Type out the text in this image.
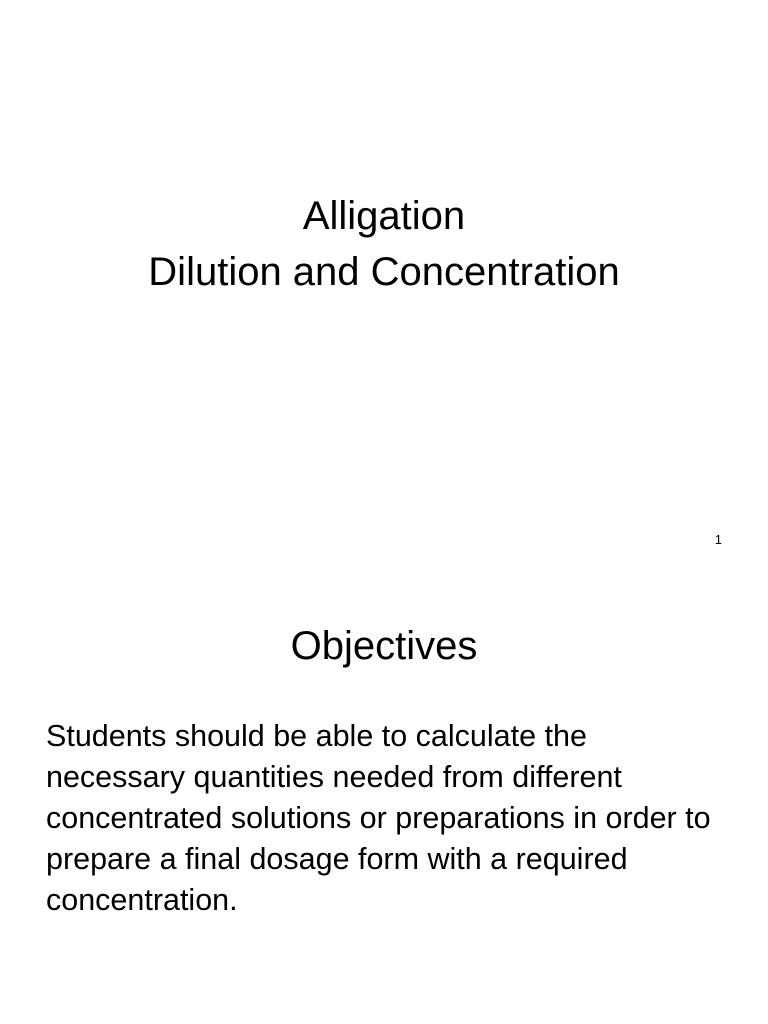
Alligation
Dilution and Concentration
1
Objectives

Students should be able to calculate the necessary quantities needed from different concentrated solutions or preparations in order to prepare a final dosage form with a required concentration.
